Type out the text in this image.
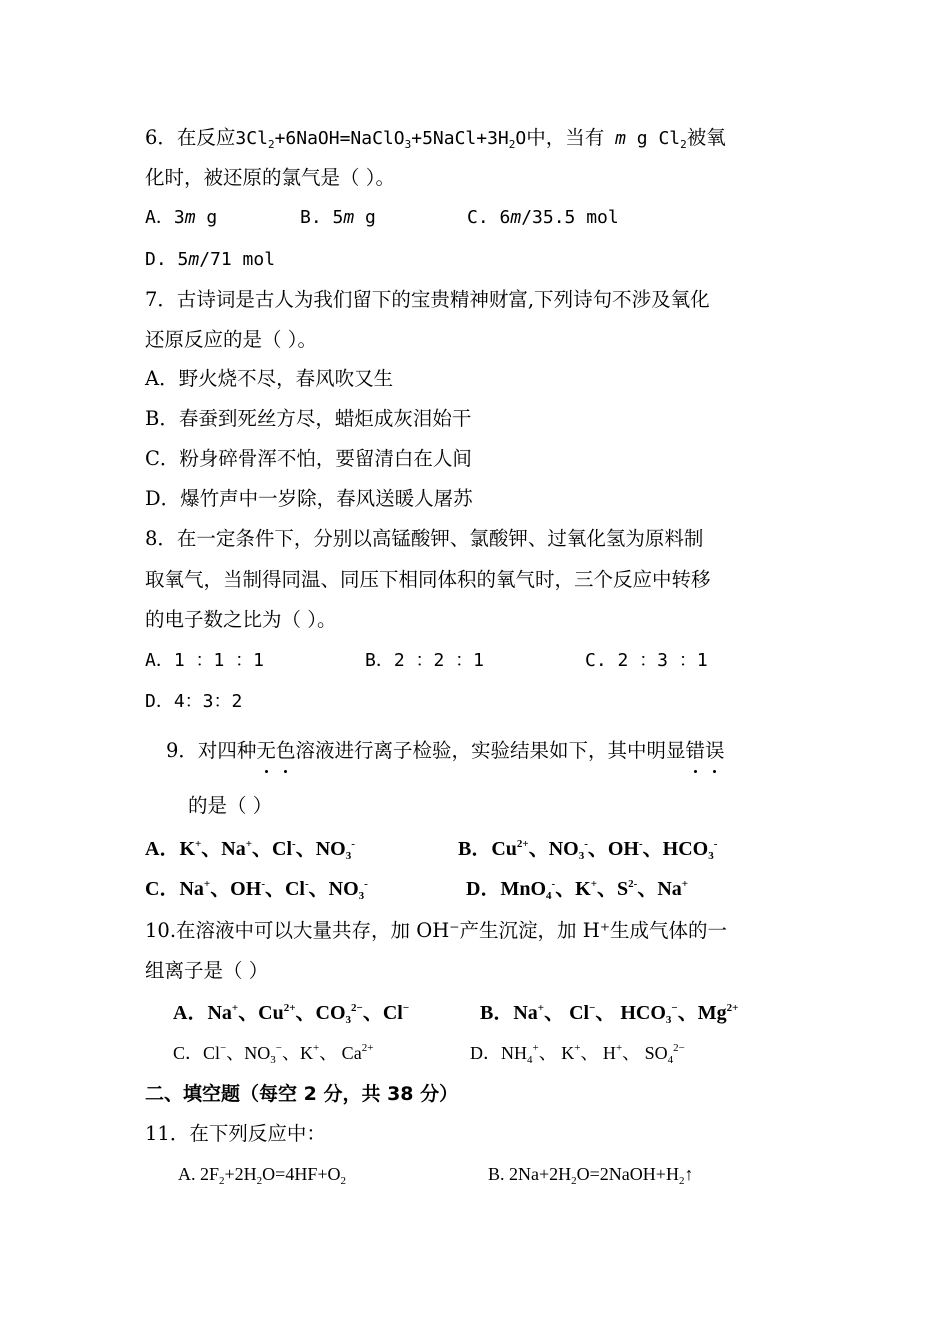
6．在反应$3Cl_2+6NaOH=NaClO_3+5NaCl+3H_2O$中，当有 m g $Cl_2$被氧
化时，被还原的氯气是（ ）。
A．3m g	B. 5m g	C. 6m/35.5 mol
D. 5m/71 mol
7．古诗词是古人为我们留下的宝贵精神财富,下列诗句不涉及氧化
还原反应的是（ ）。
A．野火烧不尽，春风吹又生
B．春蚕到死丝方尽，蜡炬成灰泪始干
C．粉身碎骨浑不怕，要留清白在人间
D．爆竹声中一岁除，春风送暖人屠苏
8．在一定条件下，分别以高锰酸钾、氯酸钾、过氧化氢为原料制
取氧气，当制得同温、同压下相同体积的氧气时，三个反应中转移
的电子数之比为（ ）。
A．1 ：1 ：1	B．2 ：2 ：1	C. 2 ：3 ：1
D．4：3：2
9．对四种无色溶液进行离子检验，实验结果如下，其中明显错误
的是（ ）
A．K+、Na+、Cl-、$NO_3^-$	B．$Cu^{2+}$、$NO_3^-$、OH-、$HCO_3^-$
C．Na+、OH-、Cl-、$NO_3^-$	D．MnO$_4$-、K+、$S^{2-}$、Na+
10.在溶液中可以大量共存，加 OH⁻产生沉淀，加 H⁺生成气体的一
组离子是（ ）
A．Na+、$Cu^{2+}$、$CO_3^{2-}$、Cl−	B．Na+、 Cl−、 $HCO_3^-$、$Mg^{2+}$
C．Cl−、$NO_3^-$、K+、 $Ca^{2+}$	D．$NH_4^+$、 K+、 H+、 $SO_4^{2-}$
二、填空题（每空 2 分，共 38 分）
11．在下列反应中：
A. $2F_2+2H_2O=4HF+O_2$	B. $2Na+2H_2O=2NaOH+H_2↑$
